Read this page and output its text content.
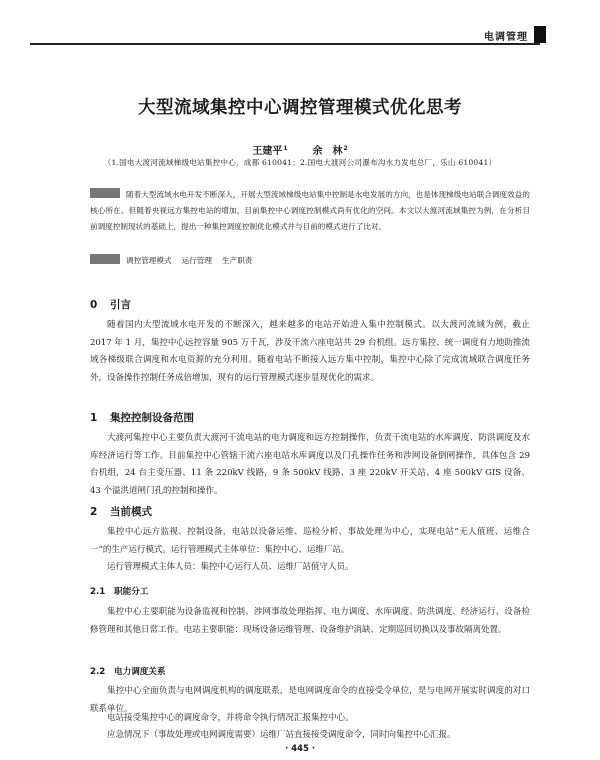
电调管理
大型流域集控中心调控管理模式优化思考
王建平$^1$ 余　林$^2$
（1.国电大渡河流域梯级电站集控中心，成都 610041；2.国电大渡河公司瀑布沟水力发电总厂，乐山 610041）
随着大型流域水电开发不断深入，开展大型流域梯级电站集中控制是水电发展的方向，也是体现梯级电站联合调度效益的核心所在。但随着央视远方集控电站的增加，目前集控中心调度控制模式尚有优化的空间。本文以大渡河流域集控为例，在分析目前调度控制现状的基础上，提出一种集控调度控制优化模式并与目前的模式进行了比对。
调控管理模式 运行管理 生产职责
0 引言

随着国内大型流域水电开发的不断深入，越来越多的电站开始进入集中控制模式。以大渡河流域为例，截止 2017 年 1 月，集控中心远控容量 905 万千瓦，涉及干流六座电站共 29 台机组。远方集控、统一调度有力地助推流域各梯级联合调度和水电资源的充分利用。随着电站不断接入远方集中控制，集控中心除了完成流域联合调度任务外，设备操作控制任务成倍增加，现有的运行管理模式逐步显现优化的需求。

1 集控控制设备范围

大渡河集控中心主要负责大渡河干流电站的电力调度和远方控制操作，负责干流电站的水库调度、防洪调度及水库经济运行等工作。目前集控中心管辖干流六座电站水库调度以及门孔操作任务和涉网设备倒闸操作，具体包含 29 台机组，24 台主变压器、11 条 220kV 线路，9 条 500kV 线路、3 座 220kV 开关站、4 座 500kV GIS 设备、43 个溢洪道闸门孔的控制和操作。

2 当前模式

集控中心远方监视、控制设备，电站以设备运维、巡检分析、事故处理为中心，实现电站“无人值班、运维合一”的生产运行模式。运行管理模式主体单位：集控中心、运维厂站。

运行管理模式主体人员：集控中心运行人员、运维厂站值守人员。

2.1 职能分工

集控中心主要职能为设备监视和控制、涉网事故处理指挥、电力调度、水库调度、防洪调度、经济运行、设备检修管理和其他日常工作。电站主要职能：现场设备运维管理、设备维护消缺、定期巡回切换以及事故隔离处置。

2.2 电力调度关系

集控中心全面负责与电网调度机构的调度联系，是电网调度命令的直接受令单位，是与电网开展实时调度的对口联系单位。

电站接受集控中心的调度命令，并将命令执行情况汇报集控中心。

应急情况下（事故处理或电网调度需要）运维厂站直接接受调度命令，同时向集控中心汇报。

· 445 ·
